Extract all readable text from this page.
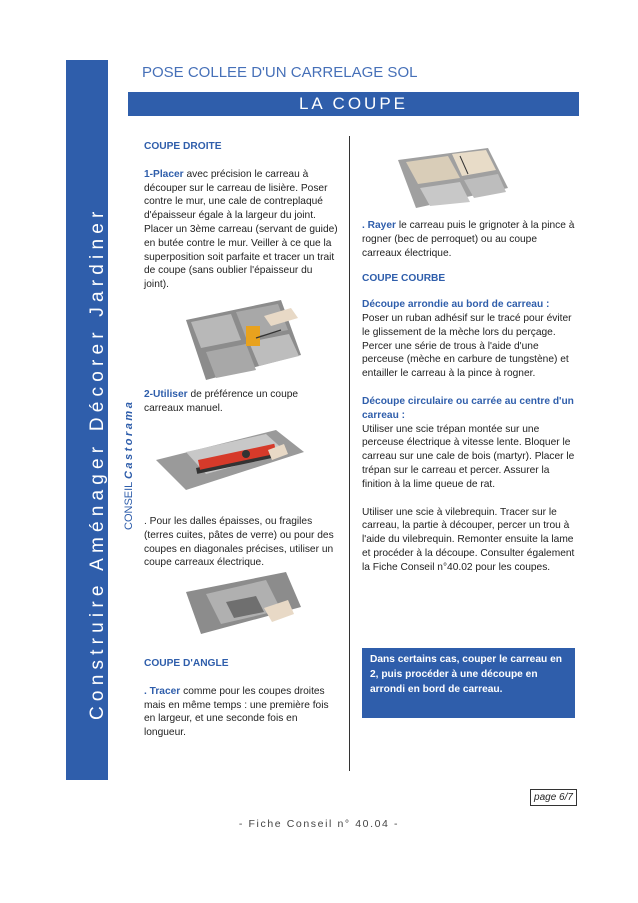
Construire Aménager Décorer Jardiner CONSEIL Castorama
POSE COLLEE D'UN CARRELAGE SOL
LA COUPE

COUPE DROITE

1-Placer avec précision le carreau à découper sur le carreau de lisière. Poser contre le mur, une cale de contreplaqué d'épaisseur égale à la largeur du joint. Placer un 3ème carreau (servant de guide) en butée contre le mur. Veiller à ce que la superposition soit parfaite et tracer un trait de coupe (sans oublier l'épaisseur du joint).

2-Utiliser de préférence un coupe carreaux manuel.
. Pour les dalles épaisses, ou fragiles (terres cuites, pâtes de verre) ou pour des coupes en diagonales précises, utiliser un coupe carreaux électrique.

COUPE D'ANGLE

. Tracer comme pour les coupes droites mais en même temps : une première fois en largeur, et une seconde fois en longueur.

. Rayer le carreau puis le grignoter à la pince à rogner (bec de perroquet) ou au coupe carreaux électrique.

COUPE COURBE

Découpe arrondie au bord de carreau :

Poser un ruban adhésif sur le tracé pour éviter le glissement de la mèche lors du perçage. Percer une série de trous à l'aide d'une perceuse (mèche en carbure de tungstène) et entailler le carreau à la pince à rogner.

Découpe circulaire ou carrée au centre d'un carreau :

Utiliser une scie trépan montée sur une perceuse électrique à vitesse lente. Bloquer le carreau sur une cale de bois (martyr). Placer le trépan sur le carreau et percer. Assurer la finition à la lime queue de rat.

Utiliser une scie à vilebrequin. Tracer sur le carreau, la partie à découper, percer un trou à l'aide du vilebrequin. Remonter ensuite la lame et procéder à la découpe. Consulter également la Fiche Conseil n°40.02 pour les coupes.

Dans certains cas, couper le carreau en 2, puis procéder à une découpe en arrondi en bord de carreau.
page 6/7
- Fiche Conseil n° 40.04 -
